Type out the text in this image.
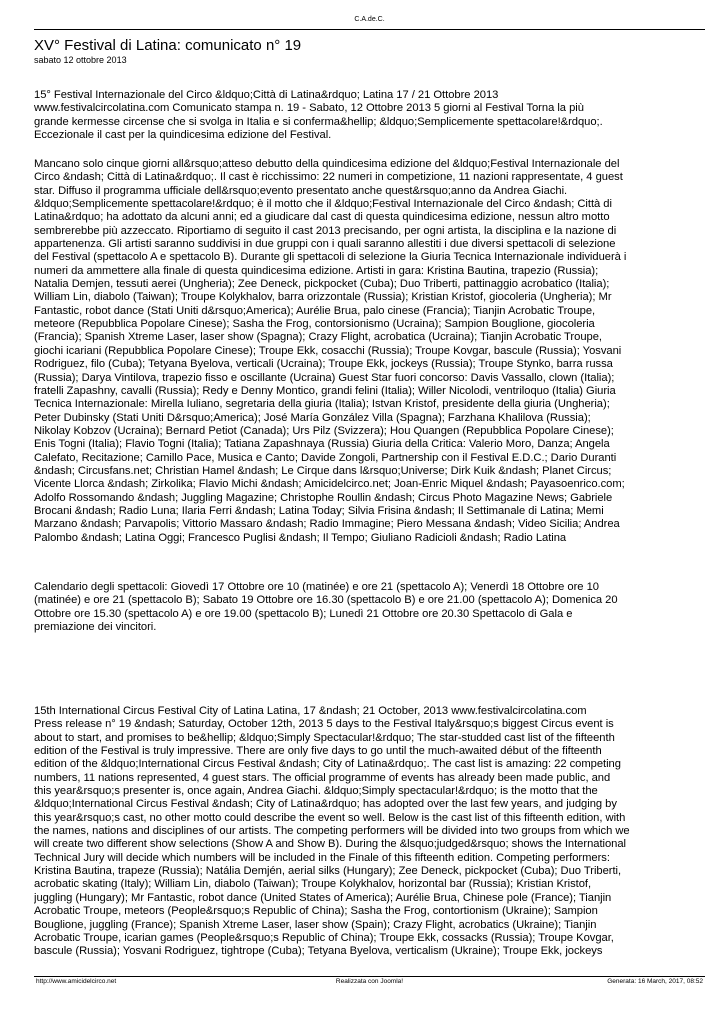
C.A.de.C.
XV° Festival di Latina: comunicato n° 19
sabato 12 ottobre 2013
15° Festival Internazionale del Circo &ldquo;Città di Latina&rdquo; Latina 17 / 21 Ottobre 2013
www.festivalcircolatina.com Comunicato stampa n. 19 - Sabato, 12 Ottobre 2013 5 giorni al Festival Torna la più
grande kermesse circense che si svolga in Italia e si conferma&hellip; &ldquo;Semplicemente spettacolare!&rdquo;.
Eccezionale il cast per la quindicesima edizione del Festival.
Mancano solo cinque giorni all&rsquo;atteso debutto della quindicesima edizione del &ldquo;Festival Internazionale del
Circo &ndash; Città di Latina&rdquo;. Il cast è ricchissimo: 22 numeri in competizione, 11 nazioni rappresentate, 4 guest
star. Diffuso il programma ufficiale dell&rsquo;evento presentato anche quest&rsquo;anno da Andrea Giachi.
&ldquo;Semplicemente spettacolare!&rdquo; è il motto che il &ldquo;Festival Internazionale del Circo &ndash; Città di
Latina&rdquo; ha adottato da alcuni anni; ed a giudicare dal cast di questa quindicesima edizione, nessun altro motto
sembrerebbe più azzeccato. Riportiamo di seguito il cast 2013 precisando, per ogni artista, la disciplina e la nazione di
appartenenza. Gli artisti saranno suddivisi in due gruppi con i quali saranno allestiti i due diversi spettacoli di selezione
del Festival (spettacolo A e spettacolo B). Durante gli spettacoli di selezione la Giuria Tecnica Internazionale individuerà i
numeri da ammettere alla finale di questa quindicesima edizione. Artisti in gara: Kristina Bautina, trapezio (Russia);
Natalia Demjen, tessuti aerei (Ungheria); Zee Deneck, pickpocket (Cuba); Duo Triberti, pattinaggio acrobatico (Italia);
William Lin, diabolo (Taiwan); Troupe Kolykhalov, barra orizzontale (Russia); Kristian Kristof, giocoleria (Ungheria); Mr
Fantastic, robot dance (Stati Uniti d&rsquo;America); Aurélie Brua, palo cinese (Francia); Tianjin Acrobatic Troupe,
meteore (Repubblica Popolare Cinese); Sasha the Frog, contorsionismo (Ucraina); Sampion Bouglione, giocoleria
(Francia); Spanish Xtreme Laser, laser show (Spagna); Crazy Flight, acrobatica (Ucraina); Tianjin Acrobatic Troupe,
giochi icariani (Repubblica Popolare Cinese); Troupe Ekk, cosacchi (Russia); Troupe Kovgar, bascule (Russia); Yosvani
Rodriguez, filo (Cuba); Tetyana Byelova, verticali (Ucraina); Troupe Ekk, jockeys (Russia); Troupe Stynko, barra russa
(Russia); Darya Vintilova, trapezio fisso e oscillante (Ucraina) Guest Star fuori concorso: Davis Vassallo, clown (Italia);
fratelli Zapashny, cavalli (Russia); Redy e Denny Montico, grandi felini (Italia); Willer Nicolodi, ventriloquo (Italia) Giuria
Tecnica Internazionale: Mirella Iuliano, segretaria della giuria (Italia); Istvan Kristof, presidente della giuria (Ungheria);
Peter Dubinsky (Stati Uniti D&rsquo;America); José María González Villa (Spagna); Farzhana Khalilova (Russia);
Nikolay Kobzov (Ucraina); Bernard Petiot (Canada); Urs Pilz (Svizzera); Hou Quangen (Repubblica Popolare Cinese);
Enis Togni (Italia); Flavio Togni (Italia); Tatiana Zapashnaya (Russia) Giuria della Critica: Valerio Moro, Danza; Angela
Calefato, Recitazione; Camillo Pace, Musica e Canto; Davide Zongoli, Partnership con il Festival E.D.C.; Dario Duranti
&ndash; Circusfans.net; Christian Hamel &ndash; Le Cirque dans l&rsquo;Universe; Dirk Kuik &ndash; Planet Circus;
Vicente Llorca &ndash; Zirkolika; Flavio Michi &ndash; Amicidelcirco.net; Joan-Enric Miquel &ndash; Payasoenrico.com;
Adolfo Rossomando &ndash; Juggling Magazine; Christophe Roullin &ndash; Circus Photo Magazine News; Gabriele
Brocani &ndash; Radio Luna; Ilaria Ferri &ndash; Latina Today; Silvia Frisina &ndash; Il Settimanale di Latina; Memi
Marzano &ndash; Parvapolis; Vittorio Massaro &ndash; Radio Immagine; Piero Messana &ndash; Video Sicilia; Andrea
Palombo &ndash; Latina Oggi; Francesco Puglisi &ndash; Il Tempo; Giuliano Radicioli &ndash; Radio Latina
Calendario degli spettacoli: Giovedì 17 Ottobre ore 10 (matinée) e ore 21 (spettacolo A); Venerdì 18 Ottobre ore 10
(matinée) e ore 21 (spettacolo B); Sabato 19 Ottobre ore 16.30 (spettacolo B) e ore 21.00 (spettacolo A); Domenica 20
Ottobre ore 15.30 (spettacolo A) e ore 19.00 (spettacolo B); Lunedì 21 Ottobre ore 20.30 Spettacolo di Gala e
premiazione dei vincitori.
15th International Circus Festival City of Latina Latina, 17 &ndash; 21 October, 2013 www.festivalcircolatina.com
Press release n° 19 &ndash; Saturday, October 12th, 2013 5 days to the Festival Italy&rsquo;s biggest Circus event is
about to start, and promises to be&hellip; &ldquo;Simply Spectacular!&rdquo; The star-studded cast list of the fifteenth
edition of the Festival is truly impressive. There are only five days to go until the much-awaited début of the fifteenth
edition of the &ldquo;International Circus Festival &ndash; City of Latina&rdquo;. The cast list is amazing: 22 competing
numbers, 11 nations represented, 4 guest stars. The official programme of events has already been made public, and
this year&rsquo;s presenter is, once again, Andrea Giachi. &ldquo;Simply spectacular!&rdquo; is the motto that the
&ldquo;International Circus Festival &ndash; City of Latina&rdquo; has adopted over the last few years, and judging by
this year&rsquo;s cast, no other motto could describe the event so well. Below is the cast list of this fifteenth edition, with
the names, nations and disciplines of our artists. The competing performers will be divided into two groups from which we
will create two different show selections (Show A and Show B). During the &lsquo;judged&rsquo; shows the International
Technical Jury will decide which numbers will be included in the Finale of this fifteenth edition. Competing performers:
Kristina Bautina, trapeze (Russia); Natália Demjén, aerial silks (Hungary); Zee Deneck, pickpocket (Cuba); Duo Triberti,
acrobatic skating (Italy); William Lin, diabolo (Taiwan); Troupe Kolykhalov, horizontal bar (Russia); Kristian Kristof,
juggling (Hungary); Mr Fantastic, robot dance (United States of America); Aurélie Brua, Chinese pole (France); Tianjin
Acrobatic Troupe, meteors (People&rsquo;s Republic of China); Sasha the Frog, contortionism (Ukraine); Sampion
Bouglione, juggling (France); Spanish Xtreme Laser, laser show (Spain); Crazy Flight, acrobatics (Ukraine); Tianjin
Acrobatic Troupe, icarian games (People&rsquo;s Republic of China); Troupe Ekk, cossacks (Russia); Troupe Kovgar,
bascule (Russia); Yosvani Rodriguez, tightrope (Cuba); Tetyana Byelova, verticalism (Ukraine); Troupe Ekk, jockeys
http://www.amicidelcirco.net	Realizzata con Joomla!	Generata: 16 March, 2017, 08:52
